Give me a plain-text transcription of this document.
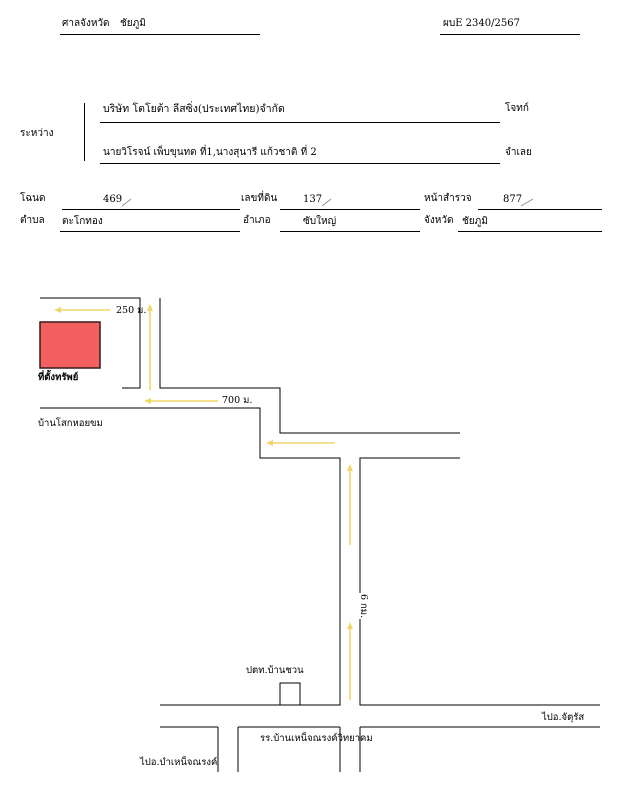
ศาลจังหวัด ชัยภูมิ	ผบE 2340/2567
ระหว่าง
บริษัท โตโยต้า ลีสซิ่ง(ประเทศไทย)จำกัด	โจทก์
นายวิโรจน์ เพ็บขุนทด ที่1,นางสุนารี แก้วชาติ ที่ 2	จำเลย
โฉนด	469	เลขที่ดิน	137	หน้าสำรวจ	877
ตำบล ตะโกทอง	อำเภอ	ซับใหญ่	จังหวัด ชัยภูมิ
250 ม.
ที่ตั้งทรัพย์
700 ม.
บ้านโสกหอยขม
6 กม.
ปตท.บ้านชวน
ไปอ.จัตุรัส
รร.บ้านเหน็จณรงค์วิทยาคม
ไปอ.บำเหน็จณรงค์
